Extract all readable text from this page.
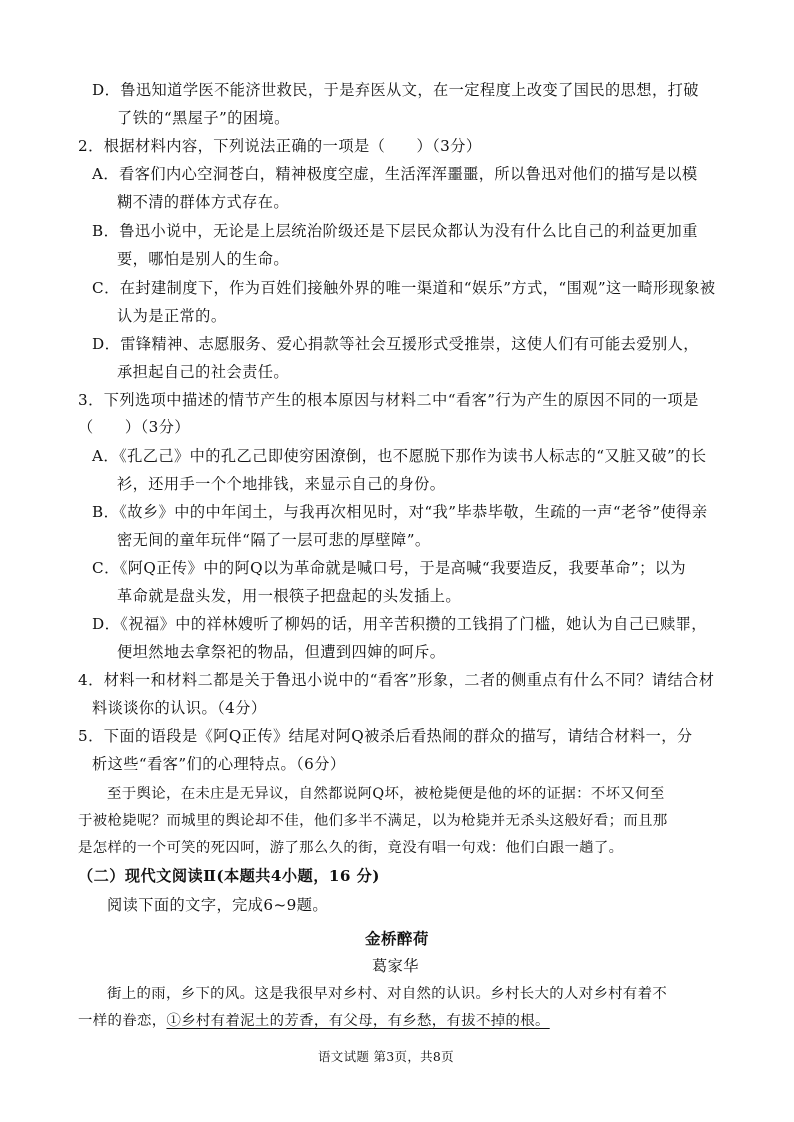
D．鲁迅知道学医不能济世救民，于是弃医从文，在一定程度上改变了国民的思想，打破
了铁的“黑屋子”的困境。
2．根据材料内容，下列说法正确的一项是（　　）（3分）
A．看客们内心空洞苍白，精神极度空虚，生活浑浑噩噩，所以鲁迅对他们的描写是以模
糊不清的群体方式存在。
B．鲁迅小说中，无论是上层统治阶级还是下层民众都认为没有什么比自己的利益更加重
要，哪怕是别人的生命。
C．在封建制度下，作为百姓们接触外界的唯一渠道和“娱乐”方式，“围观”这一畸形现象被
认为是正常的。
D．雷锋精神、志愿服务、爱心捐款等社会互援形式受推崇，这使人们有可能去爱别人，
承担起自己的社会责任。
3．下列选项中描述的情节产生的根本原因与材料二中“看客”行为产生的原因不同的一项是
（　　）（3分）
A．《孔乙己》中的孔乙己即使穷困潦倒，也不愿脱下那作为读书人标志的“又脏又破”的长
衫，还用手一个个地排钱，来显示自己的身份。
B．《故乡》中的中年闰土，与我再次相见时，对“我”毕恭毕敬，生疏的一声“老爷”使得亲
密无间的童年玩伴“隔了一层可悲的厚壁障”。
C．《阿Q正传》中的阿Q以为革命就是喊口号，于是高喊“我要造反，我要革命”；以为
革命就是盘头发，用一根筷子把盘起的头发插上。
D．《祝福》中的祥林嫂听了柳妈的话，用辛苦积攒的工钱捐了门槛，她认为自己已赎罪，
便坦然地去拿祭祀的物品，但遭到四婶的呵斥。
4．材料一和材料二都是关于鲁迅小说中的“看客”形象，二者的侧重点有什么不同？请结合材
料谈谈你的认识。（4分）
5．下面的语段是《阿Q正传》结尾对阿Q被杀后看热闹的群众的描写，请结合材料一，分
析这些“看客”们的心理特点。（6分）
至于舆论，在未庄是无异议，自然都说阿Q坏，被枪毙便是他的坏的证据：不坏又何至
于被枪毙呢？而城里的舆论却不佳，他们多半不满足，以为枪毙并无杀头这般好看；而且那
是怎样的一个可笑的死囚呵，游了那么久的街，竟没有唱一句戏：他们白跟一趟了。
（二）现代文阅读Ⅱ(本题共4小题，16 分)
阅读下面的文字，完成6~9题。
金桥醉荷
葛家华
街上的雨，乡下的风。这是我很早对乡村、对自然的认识。乡村长大的人对乡村有着不
一样的眷恋，①乡村有着泥土的芳香，有父母，有乡愁，有拔不掉的根。
语文试题 第3页，共8页
